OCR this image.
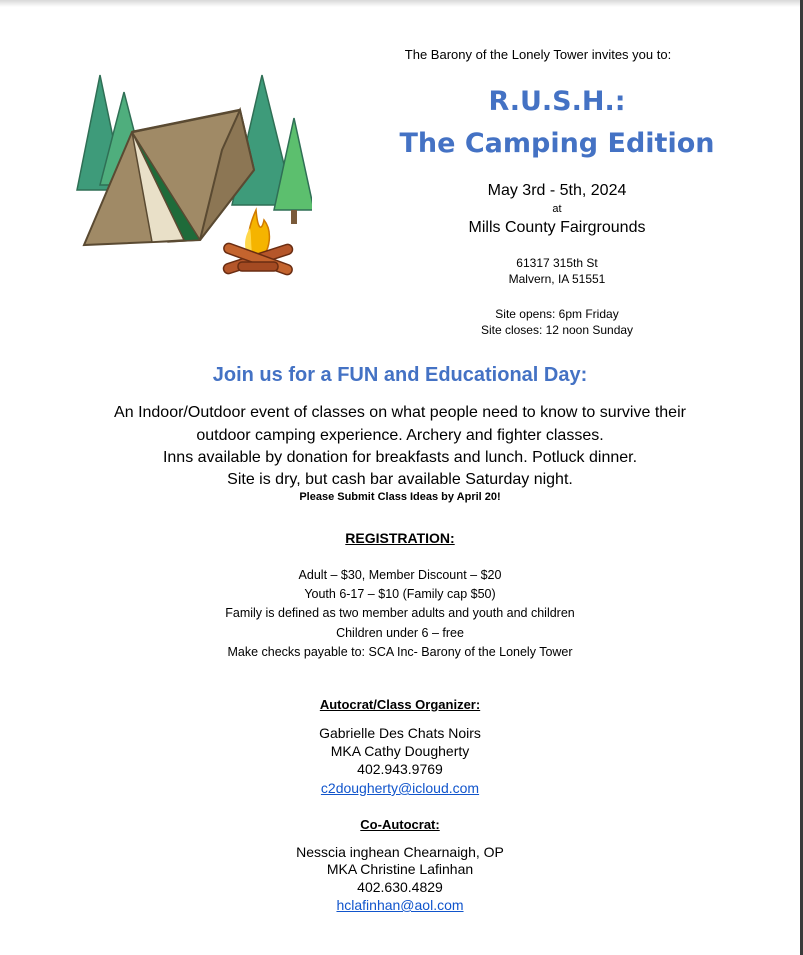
The Barony of the Lonely Tower invites you to:
R.U.S.H.:
The Camping Edition
May 3rd - 5th, 2024
at
Mills County Fairgrounds
61317 315th St
Malvern, IA 51551
Site opens: 6pm Friday
Site closes: 12 noon Sunday
Join us for a FUN and Educational Day:
An Indoor/Outdoor event of classes on what people need to know to survive their
outdoor camping experience. Archery and fighter classes.
Inns available by donation for breakfasts and lunch. Potluck dinner.
Site is dry, but cash bar available Saturday night.
Please Submit Class Ideas by April 20!
REGISTRATION:
Adult – $30, Member Discount – $20
Youth 6-17 – $10 (Family cap $50)
Family is defined as two member adults and youth and children
Children under 6 – free
Make checks payable to: SCA Inc- Barony of the Lonely Tower
Autocrat/Class Organizer:
Gabrielle Des Chats Noirs
MKA Cathy Dougherty
402.943.9769
c2dougherty@icloud.com
Co-Autocrat:
Nesscia inghean Chearnaigh, OP
MKA Christine Lafinhan
402.630.4829
hclafinhan@aol.com
